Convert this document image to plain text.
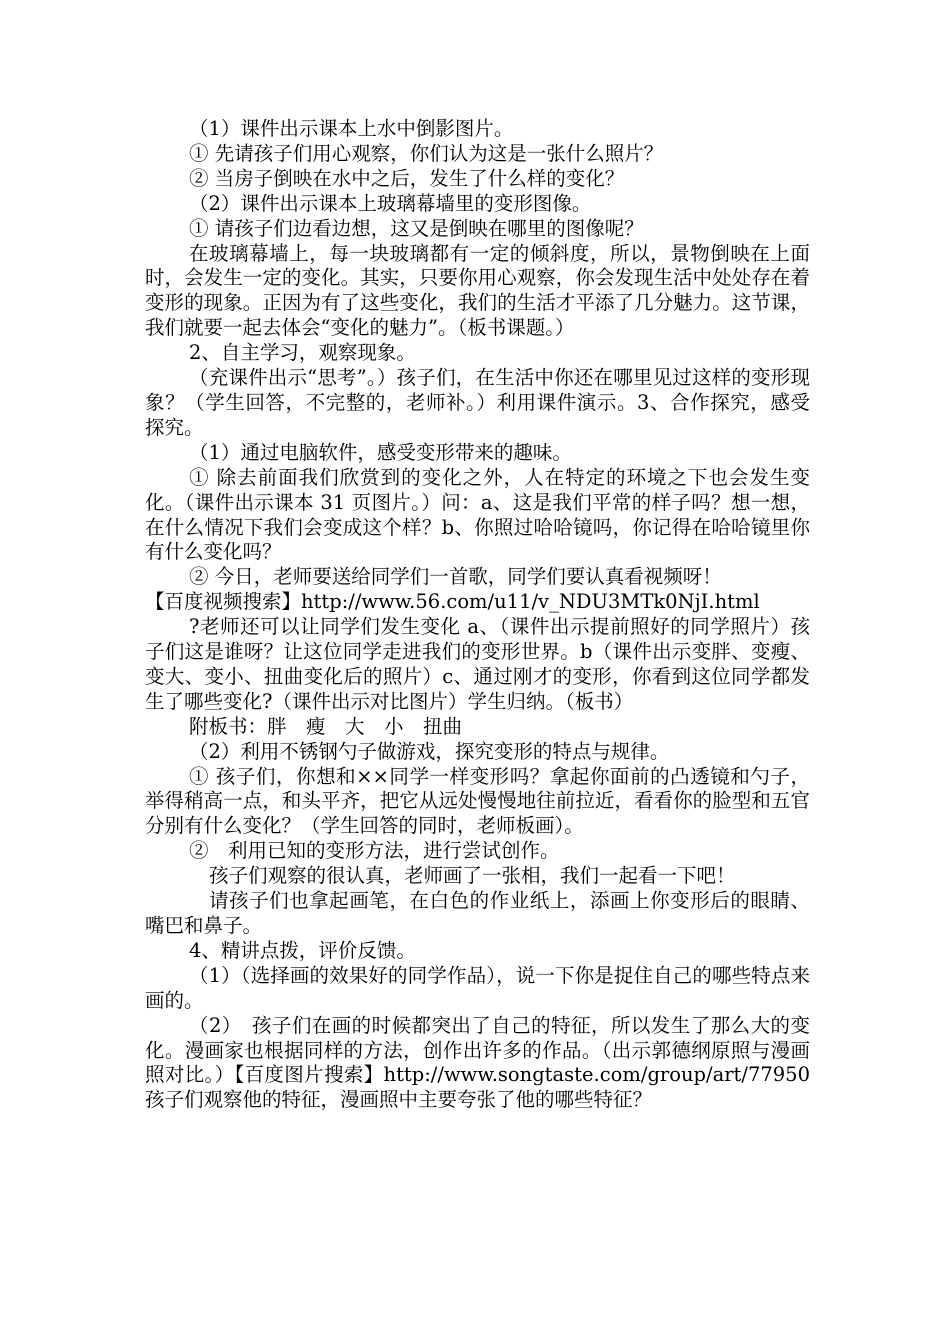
（1）课件出示课本上水中倒影图片。

① 先请孩子们用心观察，你们认为这是一张什么照片？

② 当房子倒映在水中之后，发生了什么样的变化？

（2）课件出示课本上玻璃幕墙里的变形图像。

① 请孩子们边看边想，这又是倒映在哪里的图像呢？

在玻璃幕墙上，每一块玻璃都有一定的倾斜度，所以，景物倒映在上面时，会发生一定的变化。其实，只要你用心观察，你会发现生活中处处存在着变形的现象。正因为有了这些变化，我们的生活才平添了几分魅力。这节课，我们就要一起去体会“变化的魅力”。（板书课题。）

2、自主学习，观察现象。

（充课件出示“思考”。）孩子们，在生活中你还在哪里见过这样的变形现象？（学生回答，不完整的，老师补。）利用课件演示。3、合作探究，感受探究。

（1）通过电脑软件，感受变形带来的趣味。

① 除去前面我们欣赏到的变化之外，人在特定的环境之下也会发生变化。（课件出示课本 31 页图片。）问：a、这是我们平常的样子吗？想一想，在什么情况下我们会变成这个样？b、你照过哈哈镜吗，你记得在哈哈镜里你有什么变化吗？

② 今日，老师要送给同学们一首歌，同学们要认真看视频呀！

【百度视频搜索】http://www.56.com/u11/v_NDU3MTk0NjI.html

?老师还可以让同学们发生变化 a、（课件出示提前照好的同学照片）孩子们这是谁呀？让这位同学走进我们的变形世界。b（课件出示变胖、变瘦、变大、变小、扭曲变化后的照片）c、通过刚才的变形，你看到这位同学都发生了哪些变化?（课件出示对比图片）学生归纳。（板书）

附板书：胖　瘦　大　小　扭曲

（2）利用不锈钢勺子做游戏，探究变形的特点与规律。

① 孩子们，你想和××同学一样变形吗？拿起你面前的凸透镜和勺子，举得稍高一点，和头平齐，把它从远处慢慢地往前拉近，看看你的脸型和五官分别有什么变化？（学生回答的同时，老师板画）。

②　利用已知的变形方法，进行尝试创作。

孩子们观察的很认真，老师画了一张相，我们一起看一下吧！

请孩子们也拿起画笔，在白色的作业纸上，添画上你变形后的眼睛、嘴巴和鼻子。

4、精讲点拨，评价反馈。

（1）（选择画的效果好的同学作品），说一下你是捉住自己的哪些特点来画的。

（2）　孩子们在画的时候都突出了自己的特征，所以发生了那么大的变化。漫画家也根据同样的方法，创作出许多的作品。（出示郭德纲原照与漫画照对比。）【百度图片搜索】http://www.songtaste.com/group/art/77950 孩子们观察他的特征，漫画照中主要夸张了他的哪些特征？
